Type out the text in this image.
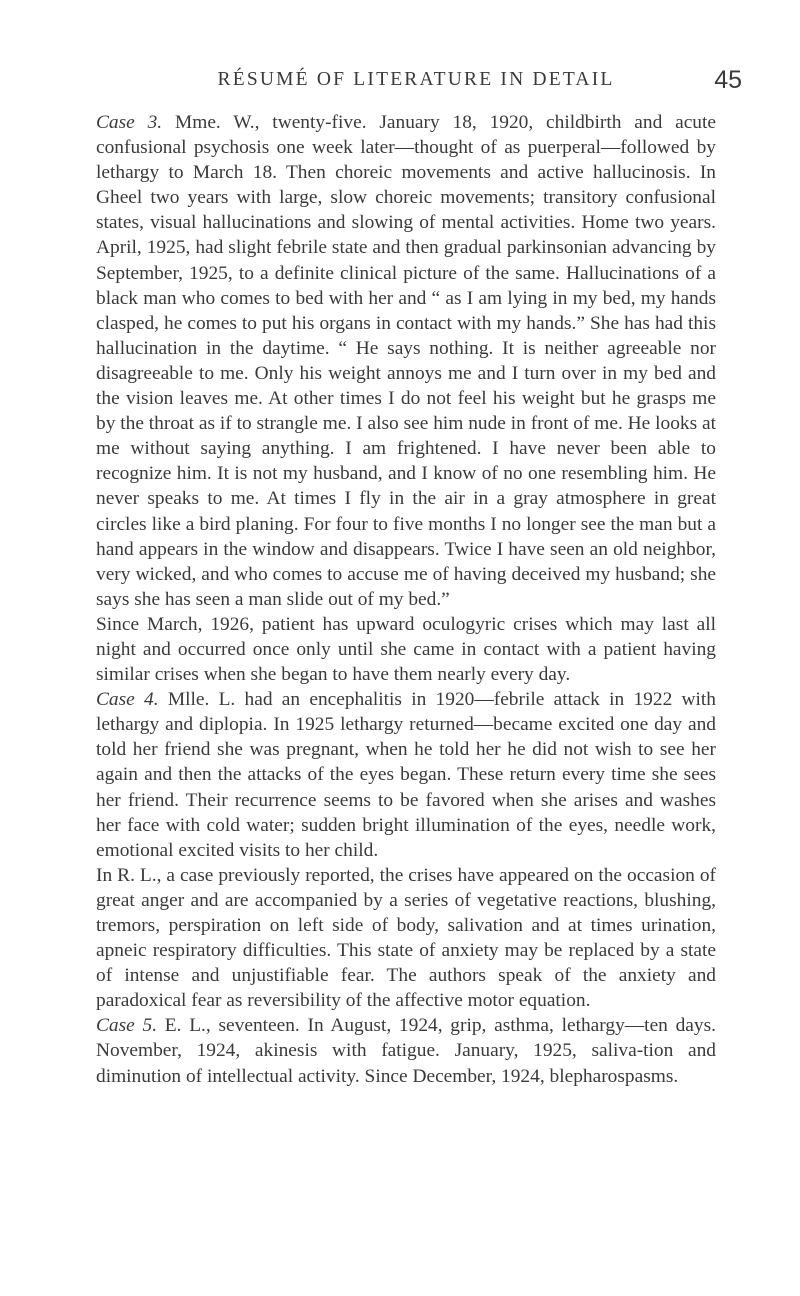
RÉSUMÉ OF LITERATURE IN DETAIL	45

Case 3. Mme. W., twenty-five. January 18, 1920, childbirth and acute confusional psychosis one week later—thought of as puerperal—followed by lethargy to March 18. Then choreic movements and active hallucinosis. In Gheel two years with large, slow choreic movements; transitory confusional states, visual hallucinations and slowing of mental activities. Home two years. April, 1925, had slight febrile state and then gradual parkinsonian advancing by September, 1925, to a definite clinical picture of the same. Hallucinations of a black man who comes to bed with her and “ as I am lying in my bed, my hands clasped, he comes to put his organs in contact with my hands.” She has had this hallucination in the daytime. “ He says nothing. It is neither agreeable nor disagreeable to me. Only his weight annoys me and I turn over in my bed and the vision leaves me. At other times I do not feel his weight but he grasps me by the throat as if to strangle me. I also see him nude in front of me. He looks at me without saying anything. I am frightened. I have never been able to recognize him. It is not my husband, and I know of no one resembling him. He never speaks to me. At times I fly in the air in a gray atmosphere in great circles like a bird planing. For four to five months I no longer see the man but a hand appears in the window and disappears. Twice I have seen an old neighbor, very wicked, and who comes to accuse me of having deceived my husband; she says she has seen a man slide out of my bed.”

Since March, 1926, patient has upward oculogyric crises which may last all night and occurred once only until she came in contact with a patient having similar crises when she began to have them nearly every day.

Case 4. Mlle. L. had an encephalitis in 1920—febrile attack in 1922 with lethargy and diplopia. In 1925 lethargy returned—became excited one day and told her friend she was pregnant, when he told her he did not wish to see her again and then the attacks of the eyes began. These return every time she sees her friend. Their recurrence seems to be favored when she arises and washes her face with cold water; sudden bright illumination of the eyes, needle work, emotional excited visits to her child.

In R. L., a case previously reported, the crises have appeared on the occasion of great anger and are accompanied by a series of vegetative reactions, blushing, tremors, perspiration on left side of body, salivation and at times urination, apneic respiratory difficulties. This state of anxiety may be replaced by a state of intense and unjustifiable fear. The authors speak of the anxiety and paradoxical fear as reversibility of the affective motor equation.

Case 5. E. L., seventeen. In August, 1924, grip, asthma, lethargy—ten days. November, 1924, akinesis with fatigue. January, 1925, saliva-tion and diminution of intellectual activity. Since December, 1924, blepharospasms.
